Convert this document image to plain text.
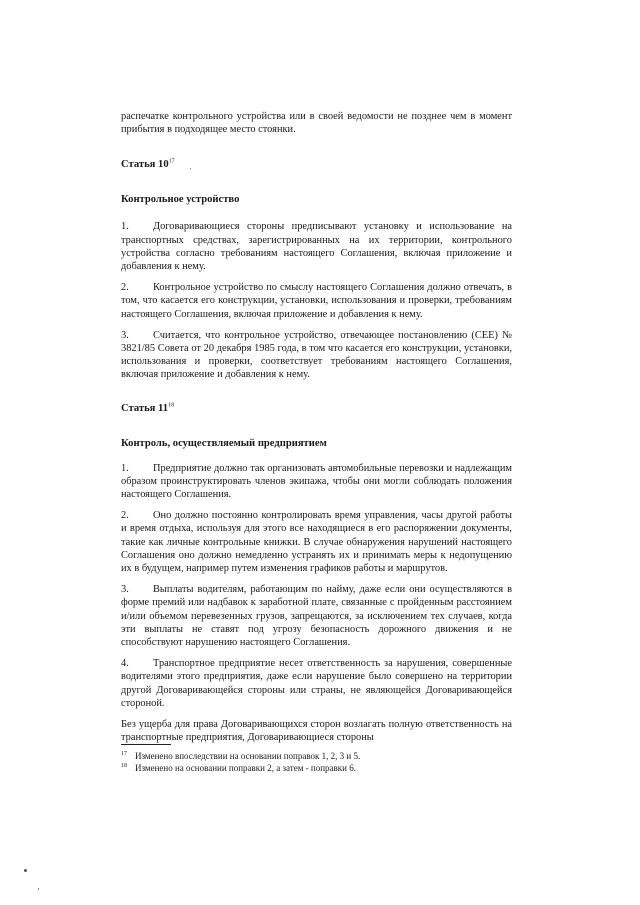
распечатке контрольного устройства или в своей ведомости не позднее чем в момент прибытия в подходящее место стоянки.

Статья $10^{17}$

Контрольное устройство

1. Договаривающиеся стороны предписывают установку и использование на транспортных средствах, зарегистрированных на их территории, контрольного устройства согласно требованиям настоящего Соглашения, включая приложение и добавления к нему.

2. Контрольное устройство по смыслу настоящего Соглашения должно отвечать, в том, что касается его конструкции, установки, использования и проверки, требованиям настоящего Соглашения, включая приложение и добавления к нему.

3. Считается, что контрольное устройство, отвечающее постановлению (СЕЕ) № 3821/85 Совета от 20 декабря 1985 года, в том что касается его конструкции, установки, использования и проверки, соответствует требованиям настоящего Соглашения, включая приложение и добавления к нему.

Статья $11^{18}$

Контроль, осуществляемый предприятием

1. Предприятие должно так организовать автомобильные перевозки и надлежащим образом проинструктировать членов экипажа, чтобы они могли соблюдать положения настоящего Соглашения.

2. Оно должно постоянно контролировать время управления, часы другой работы и время отдыха, используя для этого все находящиеся в его распоряжении документы, такие как личные контрольные книжки. В случае обнаружения нарушений настоящего Соглашения оно должно немедленно устранять их и принимать меры к недопущению их в будущем, например путем изменения графиков работы и маршрутов.

3. Выплаты водителям, работающим по найму, даже если они осуществляются в форме премий или надбавок к заработной плате, связанные с пройденным расстоянием и/или объемом перевезенных грузов, запрещаются, за исключением тех случаев, когда эти выплаты не ставят под угрозу безопасность дорожного движения и не способствуют нарушению настоящего Соглашения.

4. Транспортное предприятие несет ответственность за нарушения, совершенные водителями этого предприятия, даже если нарушение было совершено на территории другой Договаривающейся стороны или страны, не являющейся Договаривающейся стороной.

Без ущерба для права Договаривающихся сторон возлагать полную ответственность на транспортные предприятия, Договаривающиеся стороны

17 Изменено впоследствии на основании поправок 1, 2, 3 и 5.
18 Изменено на основании поправки 2, а затем - поправки 6.
